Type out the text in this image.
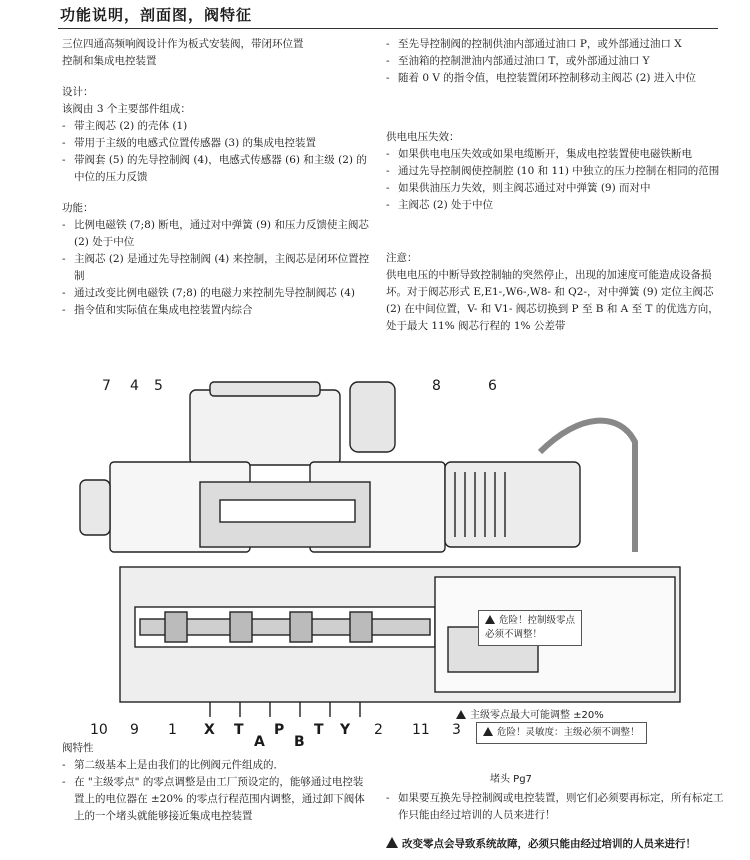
功能说明，剖面图，阀特征

三位四通高频响阀设计作为板式安装阀，带闭环位置

控制和集成电控装置

设计：

该阀由 3 个主要部件组成：

- 带主阀芯 (2) 的壳体 (1)

- 带用于主级的电感式位置传感器 (3) 的集成电控装置

- 带阀套 (5) 的先导控制阀 (4)，电感式传感器 (6) 和主级 (2) 的中位的压力反馈

功能：

- 比例电磁铁 (7;8) 断电，通过对中弹簧 (9) 和压力反馈使主阀芯 (2) 处于中位

- 主阀芯 (2) 是通过先导控制阀 (4) 来控制，主阀芯是闭环位置控制

- 通过改变比例电磁铁 (7;8) 的电磁力来控制先导控制阀芯 (4)

- 指令值和实际值在集成电控装置内综合

- 至先导控制阀的控制供油内部通过油口 P，或外部通过油口 X

- 至油箱的控制泄油内部通过油口 T，或外部通过油口 Y

- 随着 0 V 的指令值，电控装置闭环控制移动主阀芯 (2) 进入中位

供电电压失效：

- 如果供电电压失效或如果电缆断开，集成电控装置使电磁铁断电

- 通过先导控制阀使控制腔 (10 和 11) 中独立的压力控制在相同的范围

- 如果供油压力失效，则主阀芯通过对中弹簧 (9) 而对中

- 主阀芯 (2) 处于中位

注意：

供电电压的中断导致控制轴的突然停止，出现的加速度可能造成设备损坏。对于阀芯形式 E,E1-,W6-,W8- 和 Q2-，对中弹簧 (9) 定位主阀芯 (2) 在中间位置，V- 和 V1- 阀芯切换到 P 至 B 和 A 至 T 的优选方向，处于最大 11% 阀芯行程的 1% 公差带

7 4 5	8	6
10 9 1	2 11 3
X T
A
P
B
T Y
危险！控制级零点
必须不调整！
主级零点最大可能调整 ±20%
危险！灵敏度：主级必须不调整！
堵头 Pg7

阀特性

- 第二级基本上是由我们的比例阀元件组成的．

- 在 "主级零点" 的零点调整是由工厂预设定的，能够通过电控装置上的电位器在 ±20% 的零点行程范围内调整，通过卸下阀体上的一个堵头就能够接近集成电控装置

- 如果要互换先导控制阀或电控装置，则它们必须要再标定，所有标定工作只能由经过培训的人员来进行！

改变零点会导致系统故障，必须只能由经过培训的人员来进行！
